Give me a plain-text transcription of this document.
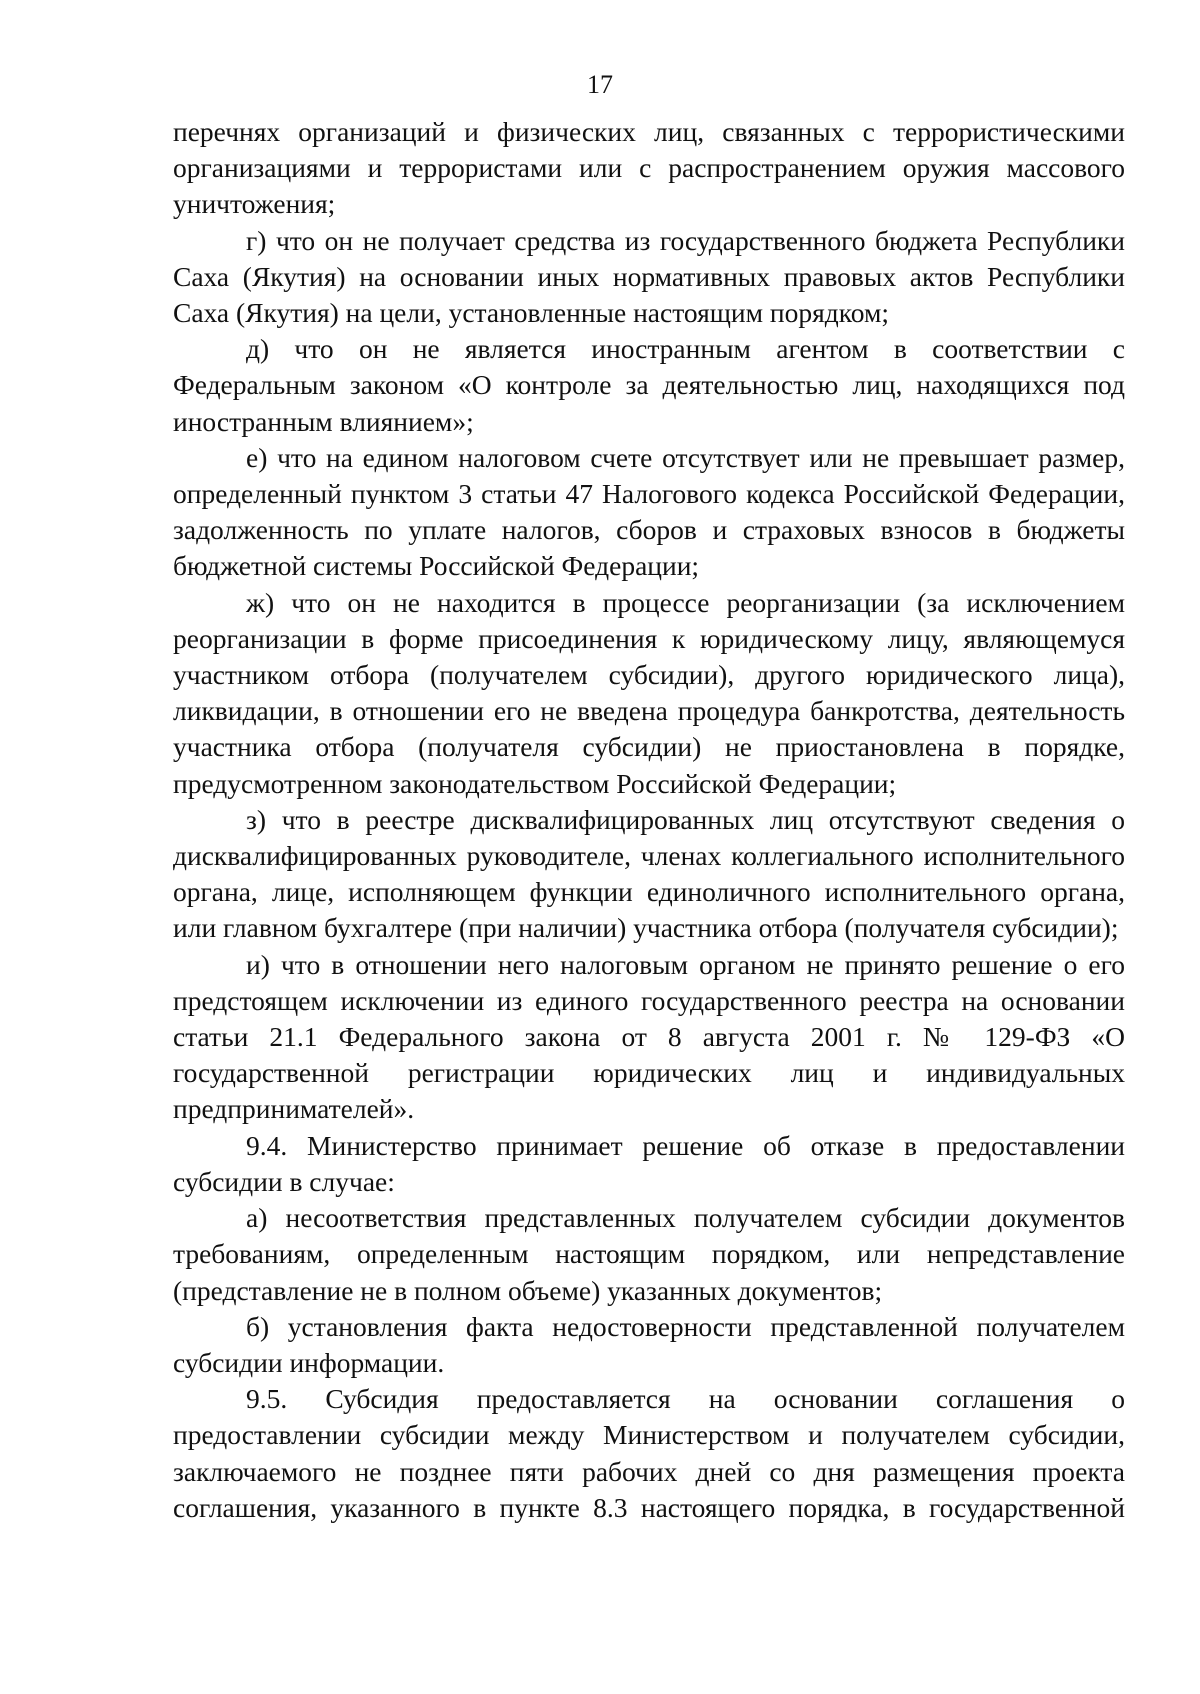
17

перечнях организаций и физических лиц, связанных с террористическими организациями и террористами или с распространением оружия массового уничтожения;

г) что он не получает средства из государственного бюджета Республики Саха (Якутия) на основании иных нормативных правовых актов Республики Саха (Якутия) на цели, установленные настоящим порядком;

д) что он не является иностранным агентом в соответствии с Федеральным законом «О контроле за деятельностью лиц, находящихся под иностранным влиянием»;

е) что на едином налоговом счете отсутствует или не превышает размер, определенный пунктом 3 статьи 47 Налогового кодекса Российской Федерации, задолженность по уплате налогов, сборов и страховых взносов в бюджеты бюджетной системы Российской Федерации;

ж) что он не находится в процессе реорганизации (за исключением реорганизации в форме присоединения к юридическому лицу, являющемуся участником отбора (получателем субсидии), другого юридического лица), ликвидации, в отношении его не введена процедура банкротства, деятельность участника отбора (получателя субсидии) не приостановлена в порядке, предусмотренном законодательством Российской Федерации;

з) что в реестре дисквалифицированных лиц отсутствуют сведения о дисквалифицированных руководителе, членах коллегиального исполнительного органа, лице, исполняющем функции единоличного исполнительного органа, или главном бухгалтере (при наличии) участника отбора (получателя субсидии);

и) что в отношении него налоговым органом не принято решение о его предстоящем исключении из единого государственного реестра на основании статьи 21.1 Федерального закона от 8 августа 2001 г. № 129-ФЗ «О государственной регистрации юридических лиц и индивидуальных предпринимателей».

9.4. Министерство принимает решение об отказе в предоставлении субсидии в случае:

а) несоответствия представленных получателем субсидии документов требованиям, определенным настоящим порядком, или непредставление (представление не в полном объеме) указанных документов;

б) установления факта недостоверности представленной получателем субсидии информации.

9.5. Субсидия предоставляется на основании соглашения о предоставлении субсидии между Министерством и получателем субсидии, заключаемого не позднее пяти рабочих дней со дня размещения проекта соглашения, указанного в пункте 8.3 настоящего порядка, в государственной
